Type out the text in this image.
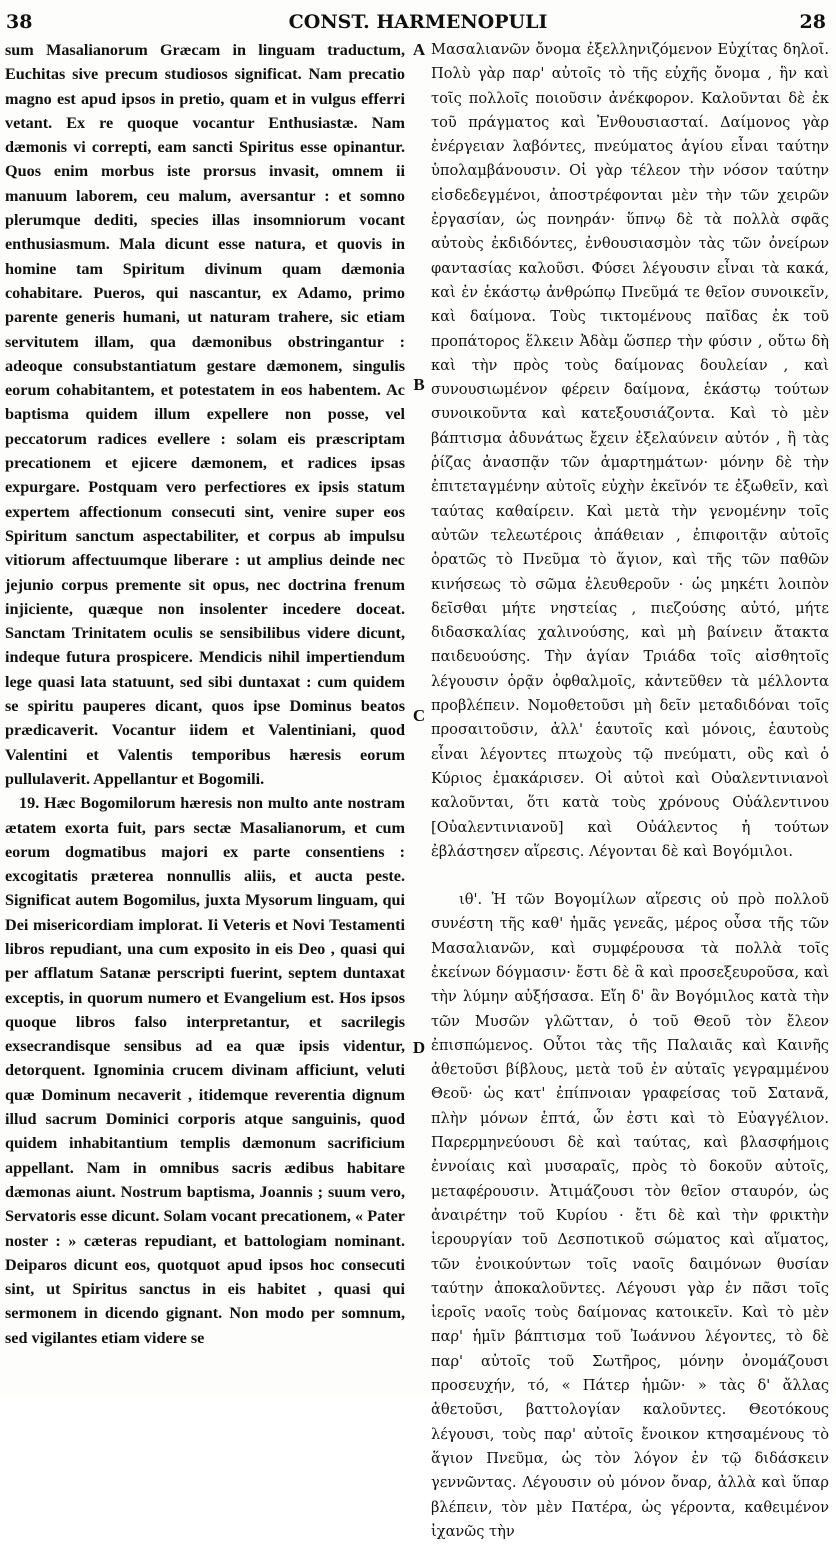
38	CONST. HARMENOPULI	28

sum Masalianorum Græcam in linguam traductum, Euchitas sive precum studiosos significat. Nam precatio magno est apud ipsos in pretio, quam et in vulgus efferri vetant. Ex re quoque vocantur Enthusiastæ. Nam dæmonis vi correpti, eam sancti Spiritus esse opinantur. Quos enim morbus iste prorsus invasit, omnem ii manuum laborem, ceu malum, aversantur : et somno plerumque dediti, species illas insomniorum vocant enthusiasmum. Mala dicunt esse natura, et quovis in homine tam Spiritum divinum quam dæmonia cohabitare. Pueros, qui nascantur, ex Adamo, primo parente generis humani, ut naturam trahere, sic etiam servitutem illam, qua dæmonibus obstringantur : adeoque consubstantiatum gestare dæmonem, singulis eorum cohabitantem, et potestatem in eos habentem. Ac baptisma quidem illum expellere non posse, vel peccatorum radices evellere : solam eis præscriptam precationem et ejicere dæmonem, et radices ipsas expurgare. Postquam vero perfectiores ex ipsis statum expertem affectionum consecuti sint, venire super eos Spiritum sanctum aspectabiliter, et corpus ab impulsu vitiorum affectuumque liberare : ut amplius deinde nec jejunio corpus premente sit opus, nec doctrina frenum injiciente, quæque non insolenter incedere doceat. Sanctam Trinitatem oculis se sensibilibus videre dicunt, indeque futura prospicere. Mendicis nihil impertiendum lege quasi lata statuunt, sed sibi duntaxat : cum quidem se spiritu pauperes dicant, quos ipse Dominus beatos prædicaverit. Vocantur iidem et Valentiniani, quod Valentini et Valentis temporibus hæresis eorum pullulaverit. Appellantur et Bogomili.

19. Hæc Bogomilorum hæresis non multo ante nostram ætatem exorta fuit, pars sectæ Masalianorum, et cum eorum dogmatibus majori ex parte consentiens : excogitatis præterea nonnullis aliis, et aucta peste. Significat autem Bogomilus, juxta Mysorum linguam, qui Dei misericordiam implorat. Ii Veteris et Novi Testamenti libros repudiant, una cum exposito in eis Deo , quasi qui per afflatum Satanæ perscripti fuerint, septem duntaxat exceptis, in quorum numero et Evangelium est. Hos ipsos quoque libros falso interpretantur, et sacrilegis exsecrandisque sensibus ad ea quæ ipsis videntur, detorquent. Ignominia crucem divinam afficiunt, veluti quæ Dominum necaverit , itidemque reverentia dignum illud sacrum Dominici corporis atque sanguinis, quod quidem inhabitantium templis dæmonum sacrificium appellant. Nam in omnibus sacris ædibus habitare dæmonas aiunt. Nostrum baptisma, Joannis ; suum vero, Servatoris esse dicunt. Solam vocant precationem, « Pater noster : » cæteras repudiant, et battologiam nominant. Deiparos dicunt eos, quotquot apud ipsos hoc consecuti sint, ut Spiritus sanctus in eis habitet , quasi qui sermonem in dicendo gignant. Non modo per somnum, sed vigilantes etiam videre se

A
B
C
D

Μασαλιανῶν ὄνομα ἐξελληνιζόμενον Εὐχίτας δηλοῖ. Πολὺ γὰρ παρ' αὐτοῖς τὸ τῆς εὐχῆς ὄνομα , ἣν καὶ τοῖς πολλοῖς ποιοῦσιν ἀνέκφορον. Καλοῦνται δὲ ἐκ τοῦ πράγματος καὶ Ἐνθουσιασταί. Δαίμονος γὰρ ἐνέργειαν λαβόντες, πνεύματος ἁγίου εἶναι ταύτην ὑπολαμβάνουσιν. Οἱ γὰρ τέλεον τὴν νόσον ταύτην εἰσδεδεγμένοι, ἀποστρέφονται μὲν τὴν τῶν χειρῶν ἐργασίαν, ὡς πονηράν· ὕπνῳ δὲ τὰ πολλὰ σφᾶς αὐτοὺς ἐκδιδόντες, ἐνθουσιασμὸν τὰς τῶν ὀνείρων φαντασίας καλοῦσι. Φύσει λέγουσιν εἶναι τὰ κακά, καὶ ἐν ἑκάστῳ ἀνθρώπῳ Πνεῦμά τε θεῖον συνοικεῖν, καὶ δαίμονα. Τοὺς τικτομένους παῖδας ἐκ τοῦ προπάτορος ἕλκειν Ἀδὰμ ὥσπερ τὴν φύσιν , οὕτω δὴ καὶ τὴν πρὸς τοὺς δαίμονας δουλείαν , καὶ συνουσιωμένον φέρειν δαίμονα, ἑκάστῳ τούτων συνοικοῦντα καὶ κατεξουσιάζοντα. Καὶ τὸ μὲν βάπτισμα ἀδυνάτως ἔχειν ἐξελαύνειν αὐτόν , ἢ τὰς ῥίζας ἀνασπᾷν τῶν ἁμαρτημάτων· μόνην δὲ τὴν ἐπιτεταγμένην αὐτοῖς εὐχὴν ἐκεῖνόν τε ἐξωθεῖν, καὶ ταύτας καθαίρειν. Καὶ μετὰ τὴν γενομένην τοῖς αὐτῶν τελεωτέροις ἀπάθειαν , ἐπιφοιτᾷν αὐτοῖς ὁρατῶς τὸ Πνεῦμα τὸ ἅγιον, καὶ τῆς τῶν παθῶν κινήσεως τὸ σῶμα ἐλευθεροῦν · ὡς μηκέτι λοιπὸν δεῖσθαι μήτε νηστείας , πιεζούσης αὐτό, μήτε διδασκαλίας χαλινούσης, καὶ μὴ βαίνειν ἄτακτα παιδευούσης. Τὴν ἁγίαν Τριάδα τοῖς αἰσθητοῖς λέγουσιν ὁρᾷν ὀφθαλμοῖς, κἀντεῦθεν τὰ μέλλοντα προβλέπειν. Νομοθετοῦσι μὴ δεῖν μεταδιδόναι τοῖς προσαιτοῦσιν, ἀλλ' ἑαυτοῖς καὶ μόνοις, ἑαυτοὺς εἶναι λέγοντες πτωχοὺς τῷ πνεύματι, οὓς καὶ ὁ Κύριος ἐμακάρισεν. Οἱ αὐτοὶ καὶ Οὐαλεντινιανοὶ καλοῦνται, ὅτι κατὰ τοὺς χρόνους Οὐάλεντινου [Οὐαλεντινιανοῦ] καὶ Οὐάλεντος ἡ τούτων ἐβλάστησεν αἵρεσις. Λέγονται δὲ καὶ Βογόμιλοι.

ιθ'. Ἡ τῶν Βογομίλων αἵρεσις οὐ πρὸ πολλοῦ συνέστη τῆς καθ' ἡμᾶς γενεᾶς, μέρος οὖσα τῆς τῶν Μασαλιανῶν, καὶ συμφέρουσα τὰ πολλὰ τοῖς ἐκείνων δόγμασιν· ἔστι δὲ ἃ καὶ προσεξευροῦσα, καὶ τὴν λύμην αὐξήσασα. Εἴη δ' ἂν Βογόμιλος κατὰ τὴν τῶν Μυσῶν γλῶτταν, ὁ τοῦ Θεοῦ τὸν ἔλεον ἐπισπώμενος. Οὗτοι τὰς τῆς Παλαιᾶς καὶ Καινῆς ἀθετοῦσι βίβλους, μετὰ τοῦ ἐν αὐταῖς γεγραμμένου Θεοῦ· ὡς κατ' ἐπίπνοιαν γραφείσας τοῦ Σατανᾶ, πλὴν μόνων ἑπτά, ὧν ἐστι καὶ τὸ Εὐαγγέλιον. Παρερμηνεύουσι δὲ καὶ ταύτας, καὶ βλασφήμοις ἐννοίαις καὶ μυσαραῖς, πρὸς τὸ δοκοῦν αὐτοῖς, μεταφέρουσιν. Ἀτιμάζουσι τὸν θεῖον σταυρόν, ὡς ἀναιρέτην τοῦ Κυρίου · ἔτι δὲ καὶ τὴν φρικτὴν ἱερουργίαν τοῦ Δεσποτικοῦ σώματος καὶ αἵματος, τῶν ἐνοικούντων τοῖς ναοῖς δαιμόνων θυσίαν ταύτην ἀποκαλοῦντες. Λέγουσι γὰρ ἐν πᾶσι τοῖς ἱεροῖς ναοῖς τοὺς δαίμονας κατοικεῖν. Καὶ τὸ μὲν παρ' ἡμῖν βάπτισμα τοῦ Ἰωάννου λέγοντες, τὸ δὲ παρ' αὐτοῖς τοῦ Σωτῆρος, μόνην ὀνομάζουσι προσευχήν, τό, « Πάτερ ἡμῶν· » τὰς δ' ἄλλας ἀθετοῦσι, βαττολογίαν καλοῦντες. Θεοτόκους λέγουσι, τοὺς παρ' αὐτοῖς ἔνοικον κτησαμένους τὸ ἅγιον Πνεῦμα, ὡς τὸν λόγον ἐν τῷ διδάσκειν γεννῶντας. Λέγουσιν οὐ μόνον ὄναρ, ἀλλὰ καὶ ὕπαρ βλέπειν, τὸν μὲν Πατέρα, ὡς γέροντα, καθειμένον ἰχανῶς τὴν
